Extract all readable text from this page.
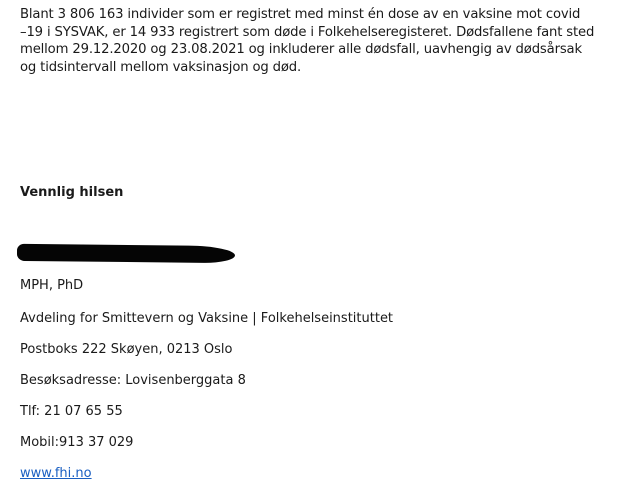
Blant 3 806 163 individer som er registret med minst én dose av en vaksine mot covid
–19 i SYSVAK, er 14 933 registrert som døde i Folkehelseregisteret. Dødsfallene fant sted
mellom 29.12.2020 og 23.08.2021 og inkluderer alle dødsfall, uavhengig av dødsårsak
og tidsintervall mellom vaksinasjon og død.

Vennlig hilsen

MPH, PhD

Avdeling for Smittevern og Vaksine | Folkehelseinstituttet

Postboks 222 Skøyen, 0213 Oslo

Besøksadresse: Lovisenberggata 8

Tlf: 21 07 65 55

Mobil:913 37 029

www.fhi.no
